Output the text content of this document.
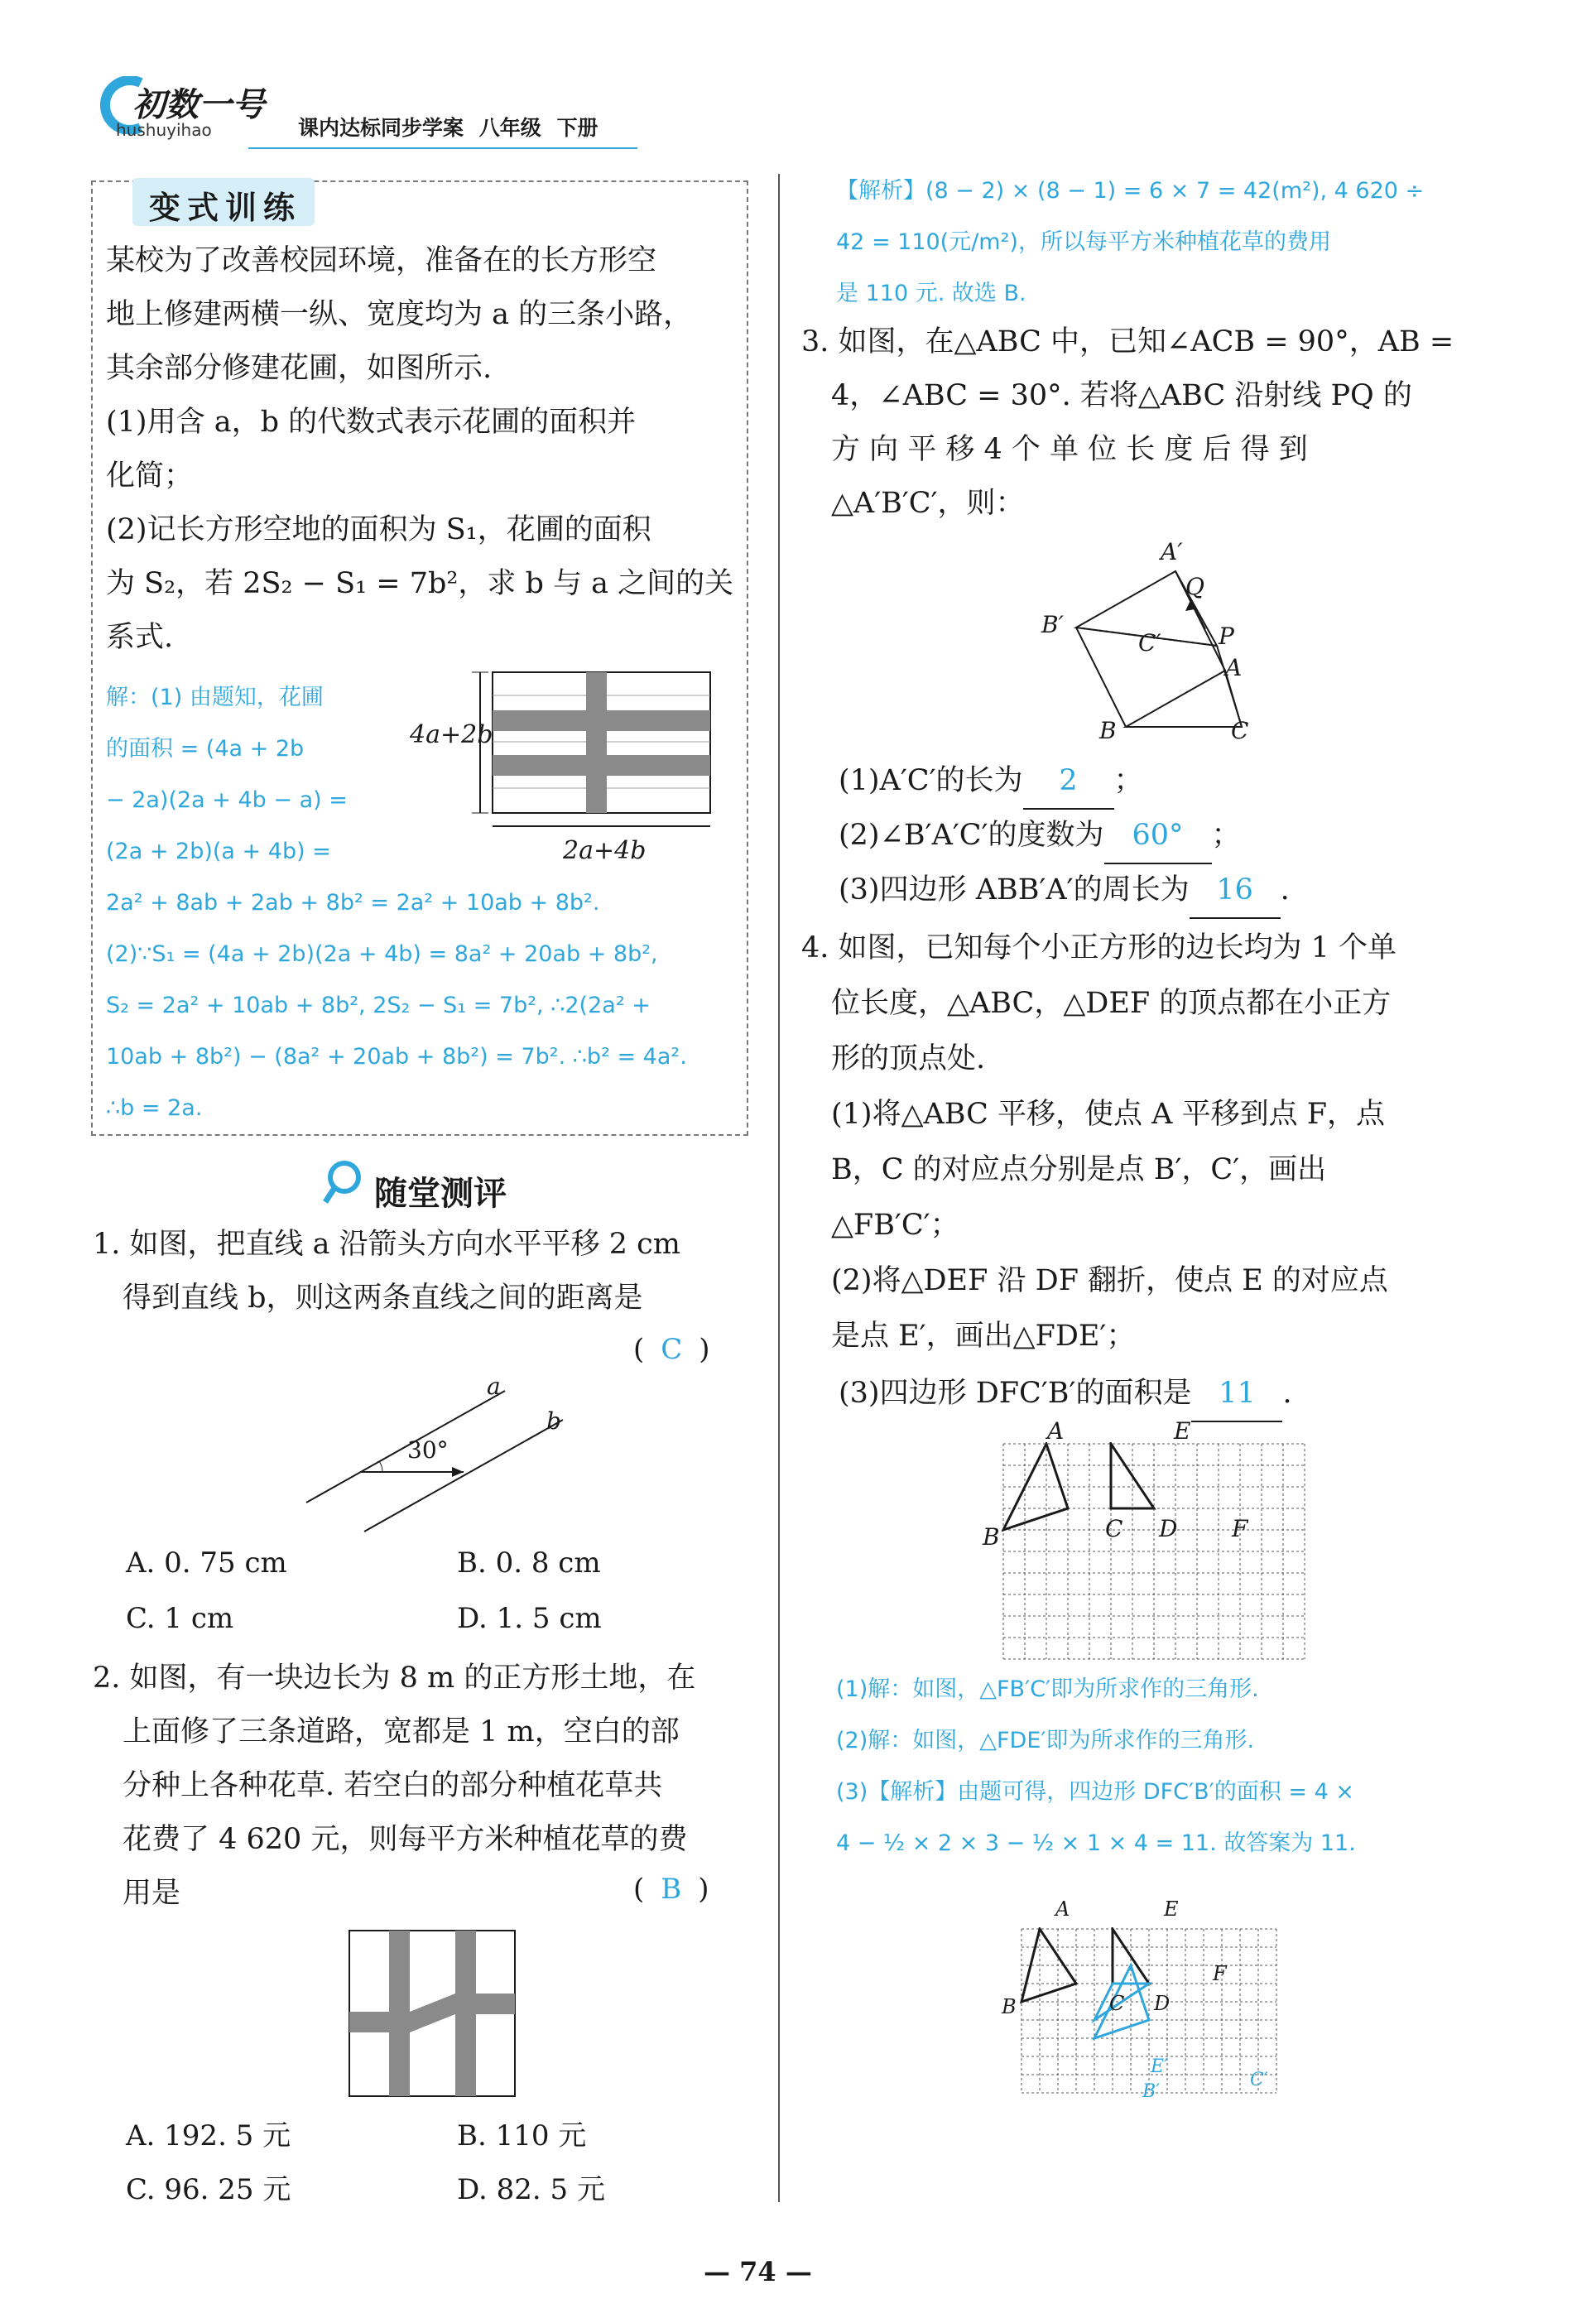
初数一号
hushuyihao	课内达标同步学案 八年级 下册
变式训练
某校为了改善校园环境，准备在的长方形空
地上修建两横一纵、宽度均为 a 的三条小路，
其余部分修建花圃，如图所示.
(1)用含 a，b 的代数式表示花圃的面积并
化简；
(2)记长方形空地的面积为 S₁，花圃的面积
为 S₂，若 2S₂ − S₁ = 7b²，求 b 与 a 之间的关
系式.
4a+2b
2a+4b
解：(1) 由题知，花圃
的面积 = (4a + 2b
− 2a)(2a + 4b − a) =
(2a + 2b)(a + 4b) =
2a² + 8ab + 2ab + 8b² = 2a² + 10ab + 8b².
(2)∵S₁ = (4a + 2b)(2a + 4b) = 8a² + 20ab + 8b²,
S₂ = 2a² + 10ab + 8b², 2S₂ − S₁ = 7b², ∴2(2a² +
10ab + 8b²) − (8a² + 20ab + 8b²) = 7b². ∴b² = 4a².
∴b = 2a.
随堂测评
1. 如图，把直线 a 沿箭头方向水平平移 2 cm
得到直线 b，则这两条直线之间的距离是
( C )
a
b
30°
A. 0. 75 cm	B. 0. 8 cm
C. 1 cm	D. 1. 5 cm
2. 如图，有一块边长为 8 m 的正方形土地，在
上面修了三条道路，宽都是 1 m，空白的部
分种上各种花草. 若空白的部分种植花草共
花费了 4 620 元，则每平方米种植花草的费
用是	( B )
A. 192. 5 元	B. 110 元
C. 96. 25 元	D. 82. 5 元
【解析】(8 − 2) × (8 − 1) = 6 × 7 = 42(m²), 4 620 ÷
42 = 110(元/m²)，所以每平方米种植花草的费用
是 110 元. 故选 B.
3. 如图，在△ABC 中，已知∠ACB = 90°，AB =
4，∠ABC = 30°. 若将△ABC 沿射线 PQ 的
方 向 平 移 4 个 单 位 长 度 后 得 到
△A′B′C′，则：
A′
Q
B′
C′ P
A
B	C
(1)A′C′的长为 2 ；
(2)∠B′A′C′的度数为 60° ；
(3)四边形 ABB′A′的周长为 16 .
4. 如图，已知每个小正方形的边长均为 1 个单
位长度，△ABC，△DEF 的顶点都在小正方
形的顶点处.
(1)将△ABC 平移，使点 A 平移到点 F，点
B，C 的对应点分别是点 B′，C′，画出
△FB′C′；
(2)将△DEF 沿 DF 翻折，使点 E 的对应点
是点 E′，画出△FDE′；
(3)四边形 DFC′B′的面积是 11 .
A	E
B	C D F
(1)解：如图，△FB′C′即为所求作的三角形.
(2)解：如图，△FDE′即为所求作的三角形.
(3)【解析】由题可得，四边形 DFC′B′的面积 = 4 ×
4 − ½ × 2 × 3 − ½ × 1 × 4 = 11. 故答案为 11.
A	E
F
B	C D
E′
B′
C′
— 74 —
